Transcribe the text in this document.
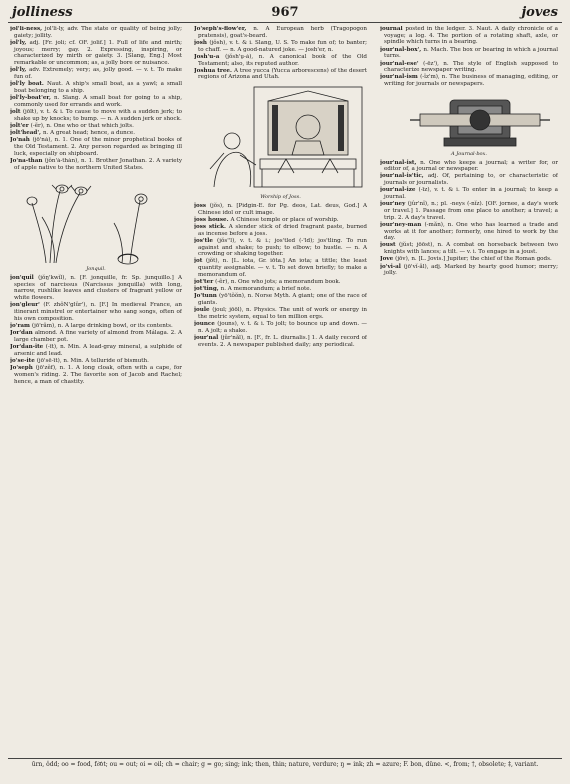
jolliness	967	joves
jol'li-ness, jol'li-ly, adv. The state or quality of being jolly; gaiety; jollity.
jol'ly, adj. [Fr. joli; cf. OF. jolif.] 1. Full of life and mirth; joyous; merry; gay. 2. Expressing, inspiring, or characterized by mirth or gaiety. 3. [Slang, Eng.] Most remarkable or uncommon; as, a jolly bore or nuisance.
jol'ly, adv. Extremely; very; as, jolly good. — v. t. To make fun of.
jol'ly boat. Naut. A ship's small boat, as a yawl; a small boat belonging to a ship.
jol'ly-boat'er, n. Slang. A small boat for going to a ship, commonly used for errands and work.
jolt (jōlt), v. t. & i. To cause to move with a sudden jerk; to shake up by knocks; to bump. — n. A sudden jerk or shock.
jolt'er (-ẽr), n. One who or that which jolts.
jolt'head', n. A great head; hence, a dunce.
Jo'nah (jō'nȧ), n. 1. One of the minor prophetical books of the Old Testament. 2. Any person regarded as bringing ill luck, especially on shipboard.
Jo'na-than (jŏn'ȧ-thȧn), n. 1. Brother Jonathan. 2. A variety of apple native to the northern United States.
Jonquil.
jon'quil (jŏŋ'kwĭl), n. [F. jonquille, fr. Sp. junquillo.] A species of narcissus (Narcissus jonquilla) with long, narrow, rushlike leaves and clusters of fragrant yellow or white flowers.
jon'gleur' (F. zhôN'glûr'), n. [F.] In medieval France, an itinerant minstrel or entertainer who sang songs, often of his own composition.
jo'ram (jō'răm), n. A large drinking bowl, or its contents.
Jor'dan almond. A fine variety of almond from Málaga. 2. A large chamber pot.
Jor'dan-ite (-īt), n. Min. A lead-gray mineral, a sulphide of arsenic and lead.
jo'se-ite (jō'sē-īt), n. Min. A telluride of bismuth.
Jo'seph (jō'zĕf), n. 1. A long cloak, often with a cape, for women's riding. 2. The favorite son of Jacob and Rachel; hence, a man of chastity.
Jo'seph's-flow'er, n. A European herb (Tragopogon pratensis), goat's-beard.
josh (jŏsh), v. t. & i. Slang, U. S. To make fun of; to banter; to chaff. — n. A good-natured joke. — josh'er, n.
Josh'u-a (jŏsh'ṳ-ȧ), n. A canonical book of the Old Testament; also, its reputed author.
Joshua tree. A tree yucca (Yucca arborescens) of the desert regions of Arizona and Utah.
Worship of Joss.
joss (jŏs), n. [Pidgin-E. for Pg. deos, Lat. deus, God.] A Chinese idol or cult image.
joss house. A Chinese temple or place of worship.
joss stick. A slender stick of dried fragrant paste, burned as incense before a joss.
jos'tle (jŏs''l), v. t. & i.; jos'tled (-'ld); jos'tling. To run against and shake; to push; to elbow; to hustle. — n. A crowding or shaking together.
jot (jŏt), n. [L. iota, Gr. iōta.] An iota; a tittle; the least quantity assignable. — v. t. To set down briefly; to make a memorandum of.
jot'ter (-ẽr), n. One who jots; a memorandum book.
jot'ting, n. A memorandum; a brief note.
Jo'tunn (yō'tŏŏn), n. Norse Myth. A giant; one of the race of giants.
joule (joul; jōōl), n. Physics. The unit of work or energy in the metric system, equal to ten million ergs.
jounce (jouns), v. t. & i. To jolt; to bounce up and down. — n. A jolt; a shake.
jour'nal (jûr'năl), n. [F., fr. L. diurnalis.] 1. A daily record of events. 2. A newspaper published daily; any periodical.
journal posted in the ledger. 3. Naut. A daily chronicle of a voyage; a log. 4. The portion of a rotating shaft, axle, or spindle which turns in a bearing.
jour'nal-box', n. Mach. The box or bearing in which a journal turns.
jour'nal-ese' (-ēz'), n. The style of English supposed to characterize newspaper writing.
jour'nal-ism (-ĭz'm), n. The business of managing, editing, or writing for journals or newspapers.
A Journal-box.
jour'nal-ist, n. One who keeps a journal; a writer for, or editor of, a journal or newspaper.
jour'nal-is'tic, adj. Of, pertaining to, or characteristic of journals or journalists.
jour'nal-ize (-īz), v. t. & i. To enter in a journal; to keep a journal.
jour'ney (jûr'nĭ), n.; pl. -neys (-nĭz). [OF. jornee, a day's work or travel.] 1. Passage from one place to another; a travel; a trip. 2. A day's travel.
jour'ney-man (-măn), n. One who has learned a trade and works at it for another; formerly, one hired to work by the day.
joust (jŭst; jōōst), n. A combat on horseback between two knights with lances; a tilt. — v. i. To engage in a joust.
Jove (jōv), n. [L. Jovis.] Jupiter; the chief of the Roman gods.
jo'vi-al (jō'vĭ-ăl), adj. Marked by hearty good humor; merry; jolly.
ūrn, ŏdd; oo = food, fo͝ot; ou = out; oi = oil; ch = chair; g = go; sing; ink; then, thin; nature, verdure; ŋ = ink; zh = azure; F. bon, düne. <, from; †, obsolete; ‡, variant.
